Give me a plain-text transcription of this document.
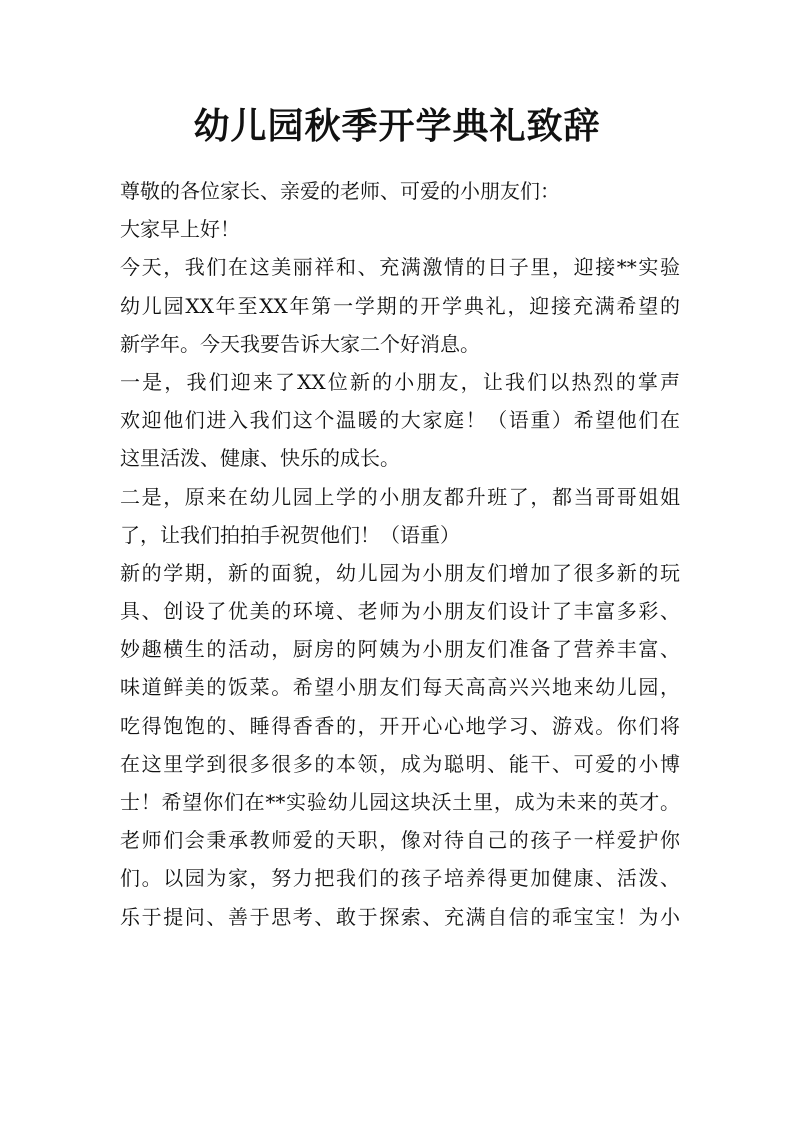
幼儿园秋季开学典礼致辞
尊敬的各位家长、亲爱的老师、可爱的小朋友们：
大家早上好！
今天，我们在这美丽祥和、充满激情的日子里，迎接**实验
幼儿园XX年至XX年第一学期的开学典礼，迎接充满希望的
新学年。今天我要告诉大家二个好消息。
一是，我们迎来了XX位新的小朋友，让我们以热烈的掌声
欢迎他们进入我们这个温暖的大家庭！（语重）希望他们在
这里活泼、健康、快乐的成长。
二是，原来在幼儿园上学的小朋友都升班了，都当哥哥姐姐
了，让我们拍拍手祝贺他们！（语重）
新的学期，新的面貌，幼儿园为小朋友们增加了很多新的玩
具、创设了优美的环境、老师为小朋友们设计了丰富多彩、
妙趣横生的活动，厨房的阿姨为小朋友们准备了营养丰富、
味道鲜美的饭菜。希望小朋友们每天高高兴兴地来幼儿园，
吃得饱饱的、睡得香香的，开开心心地学习、游戏。你们将
在这里学到很多很多的本领，成为聪明、能干、可爱的小博
士！希望你们在**实验幼儿园这块沃土里，成为未来的英才。
老师们会秉承教师爱的天职，像对待自己的孩子一样爱护你
们。以园为家，努力把我们的孩子培养得更加健康、活泼、
乐于提问、善于思考、敢于探索、充满自信的乖宝宝！为小
